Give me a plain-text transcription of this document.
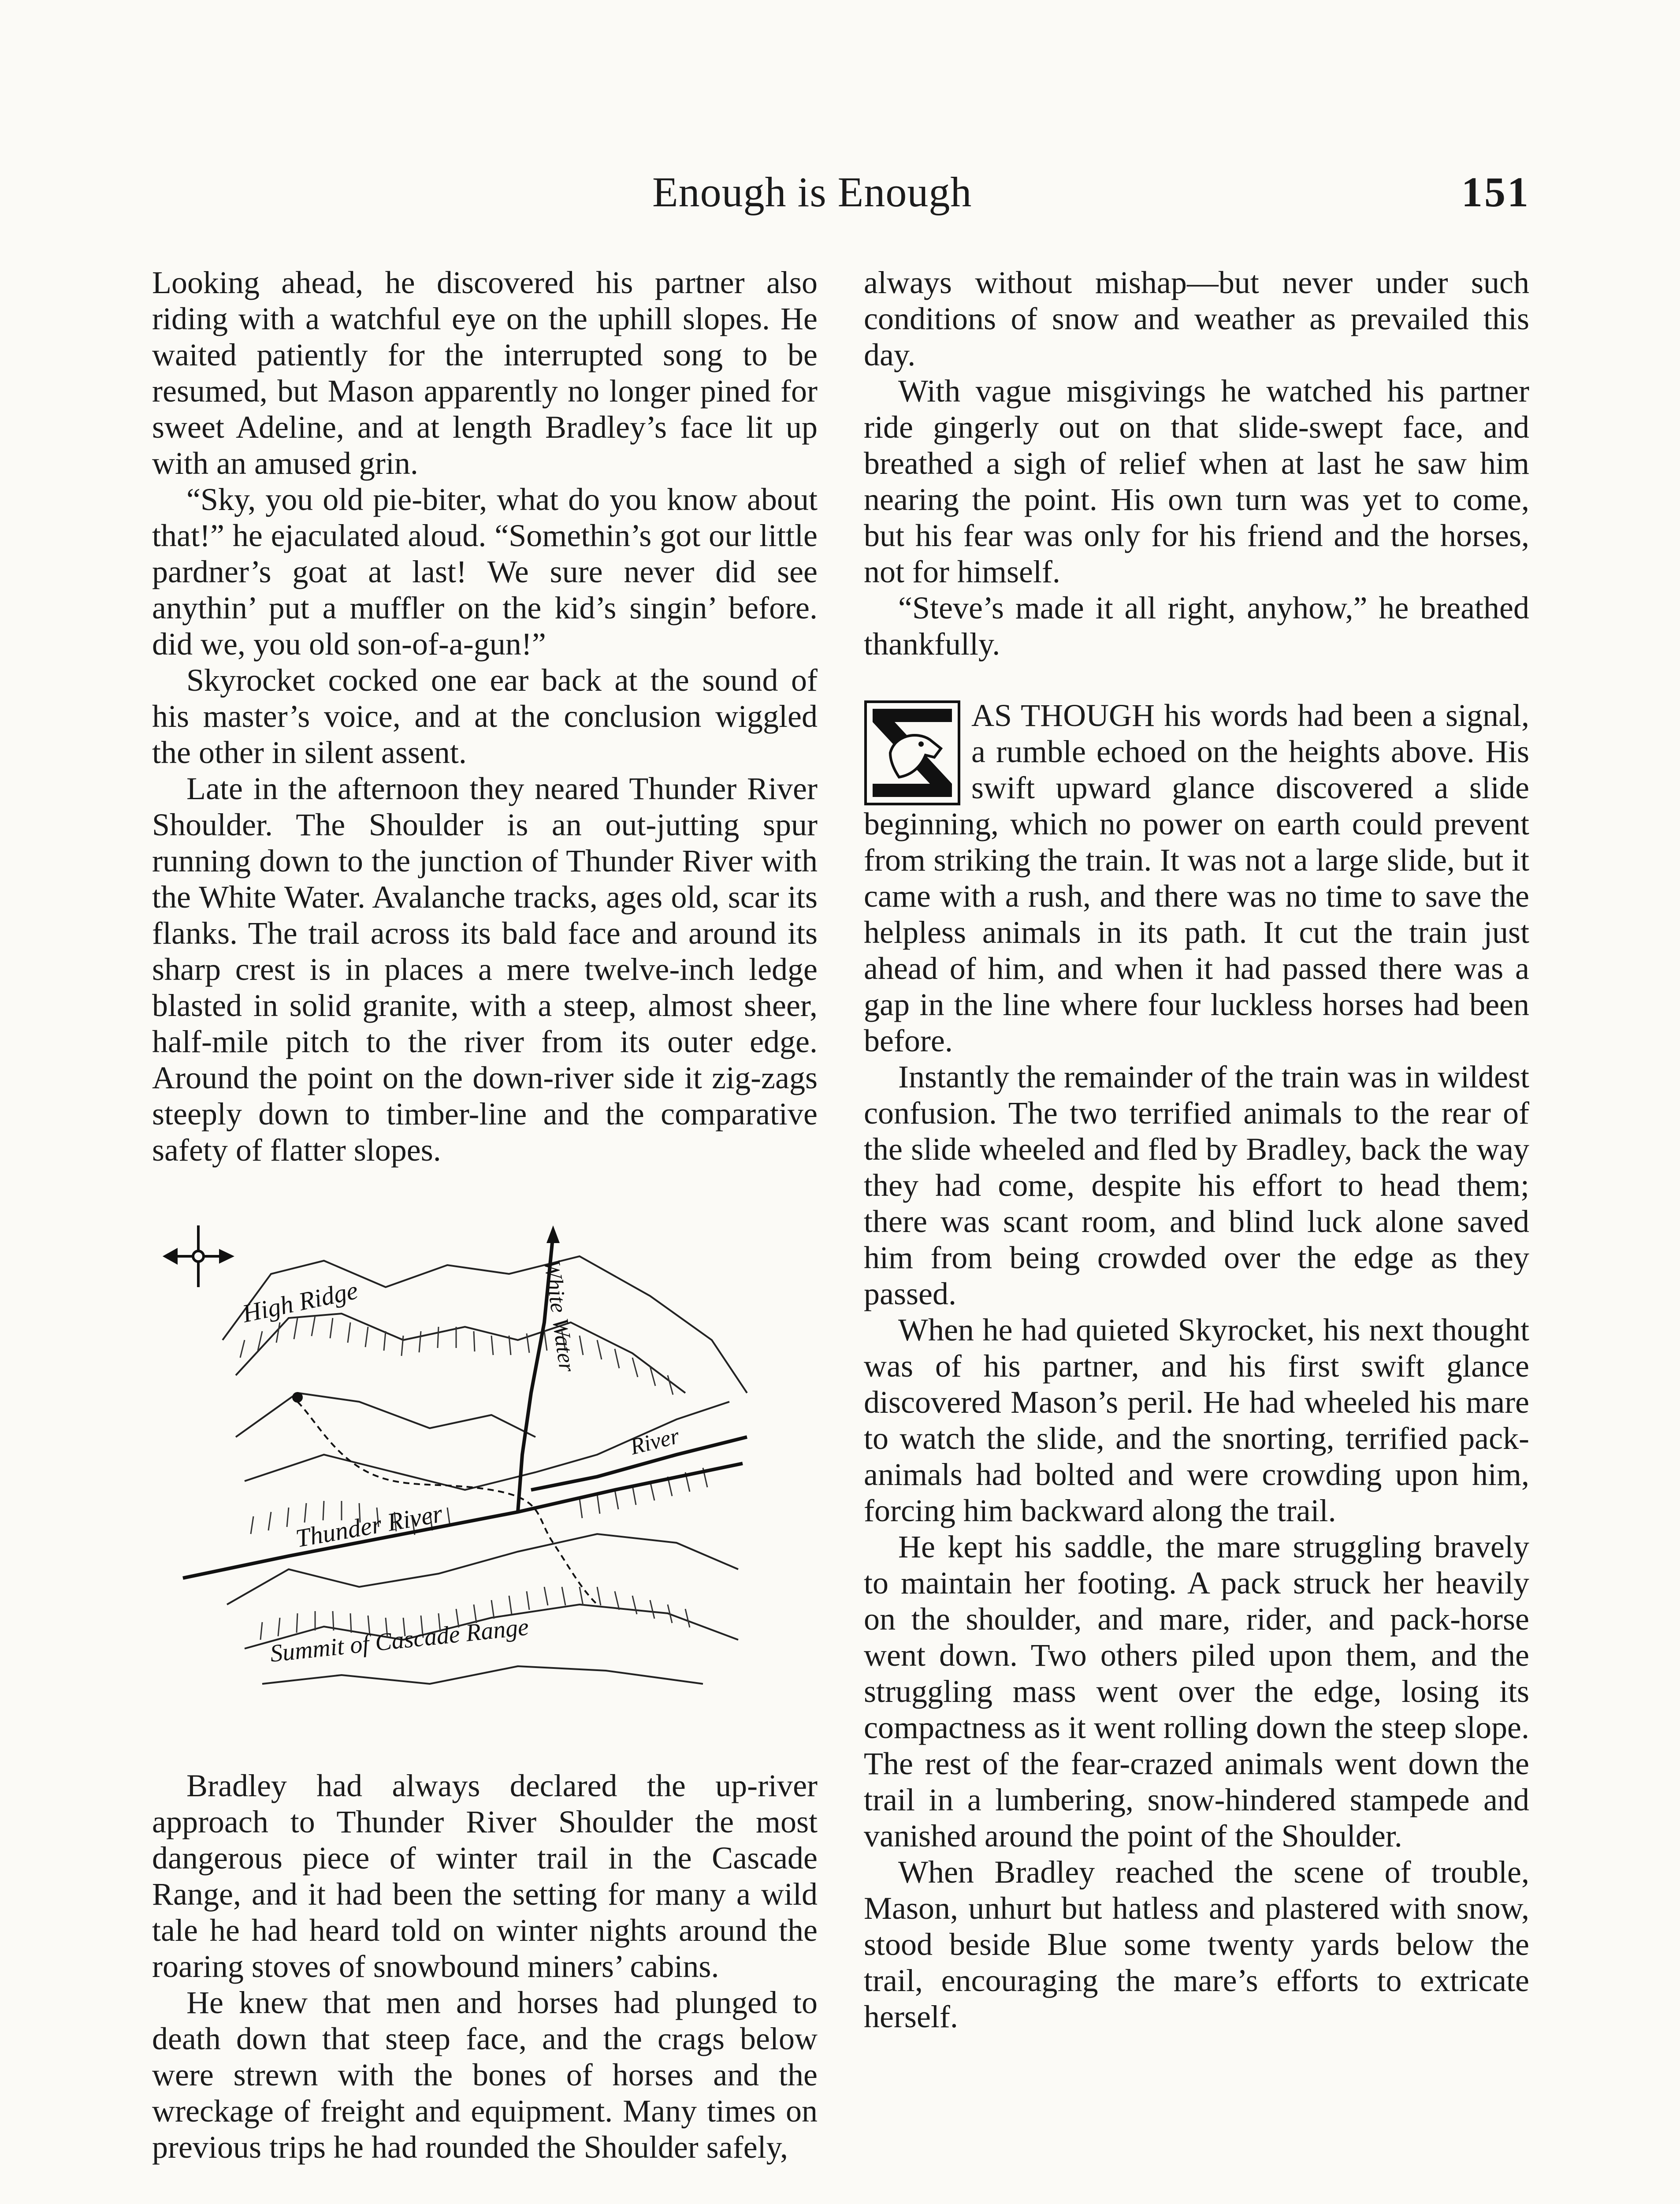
Enough is Enough	151

Looking ahead, he discovered his partner also riding with a watchful eye on the uphill slopes. He waited patiently for the interrupted song to be resumed, but Mason apparently no longer pined for sweet Adeline, and at length Bradley’s face lit up with an amused grin.

“Sky, you old pie-biter, what do you know about that!” he ejaculated aloud. “Somethin’s got our little pardner’s goat at last! We sure never did see anythin’ put a muffler on the kid’s singin’ before. did we, you old son-of-a-gun!”

Skyrocket cocked one ear back at the sound of his master’s voice, and at the conclusion wiggled the other in silent assent.

Late in the afternoon they neared Thunder River Shoulder. The Shoulder is an out-jutting spur running down to the junction of Thunder River with the White Water. Avalanche tracks, ages old, scar its flanks. The trail across its bald face and around its sharp crest is in places a mere twelve-inch ledge blasted in solid granite, with a steep, almost sheer, half-mile pitch to the river from its outer edge. Around the point on the down-river side it zig-zags steeply down to timber-line and the comparative safety of flatter slopes.

High Ridge	White Water
River
Thunder River
Summit of Cascade Range

Bradley had always declared the up-river approach to Thunder River Shoulder the most dangerous piece of winter trail in the Cascade Range, and it had been the setting for many a wild tale he had heard told on winter nights around the roaring stoves of snowbound miners’ cabins.

He knew that men and horses had plunged to death down that steep face, and the crags below were strewn with the bones of horses and the wreckage of freight and equipment. Many times on previous trips he had rounded the Shoulder safely,

always without mishap—but never under such conditions of snow and weather as prevailed this day.

With vague misgivings he watched his partner ride gingerly out on that slide-swept face, and breathed a sigh of relief when at last he saw him nearing the point. His own turn was yet to come, but his fear was only for his friend and the horses, not for himself.

“Steve’s made it all right, anyhow,” he breathed thankfully.

AS THOUGH his words had been a signal, a rumble echoed on the heights above. His swift upward glance discovered a slide beginning, which no power on earth could prevent from striking the train. It was not a large slide, but it came with a rush, and there was no time to save the helpless animals in its path. It cut the train just ahead of him, and when it had passed there was a gap in the line where four luckless horses had been before.

Instantly the remainder of the train was in wildest confusion. The two terrified animals to the rear of the slide wheeled and fled by Bradley, back the way they had come, despite his effort to head them; there was scant room, and blind luck alone saved him from being crowded over the edge as they passed.

When he had quieted Skyrocket, his next thought was of his partner, and his first swift glance discovered Mason’s peril. He had wheeled his mare to watch the slide, and the snorting, terrified pack-animals had bolted and were crowding upon him, forcing him backward along the trail.

He kept his saddle, the mare struggling bravely to maintain her footing. A pack struck her heavily on the shoulder, and mare, rider, and pack-horse went down. Two others piled upon them, and the struggling mass went over the edge, losing its compactness as it went rolling down the steep slope. The rest of the fear-crazed animals went down the trail in a lumbering, snow-hindered stampede and vanished around the point of the Shoulder.

When Bradley reached the scene of trouble, Mason, unhurt but hatless and plastered with snow, stood beside Blue some twenty yards below the trail, encouraging the mare’s efforts to extricate herself.
